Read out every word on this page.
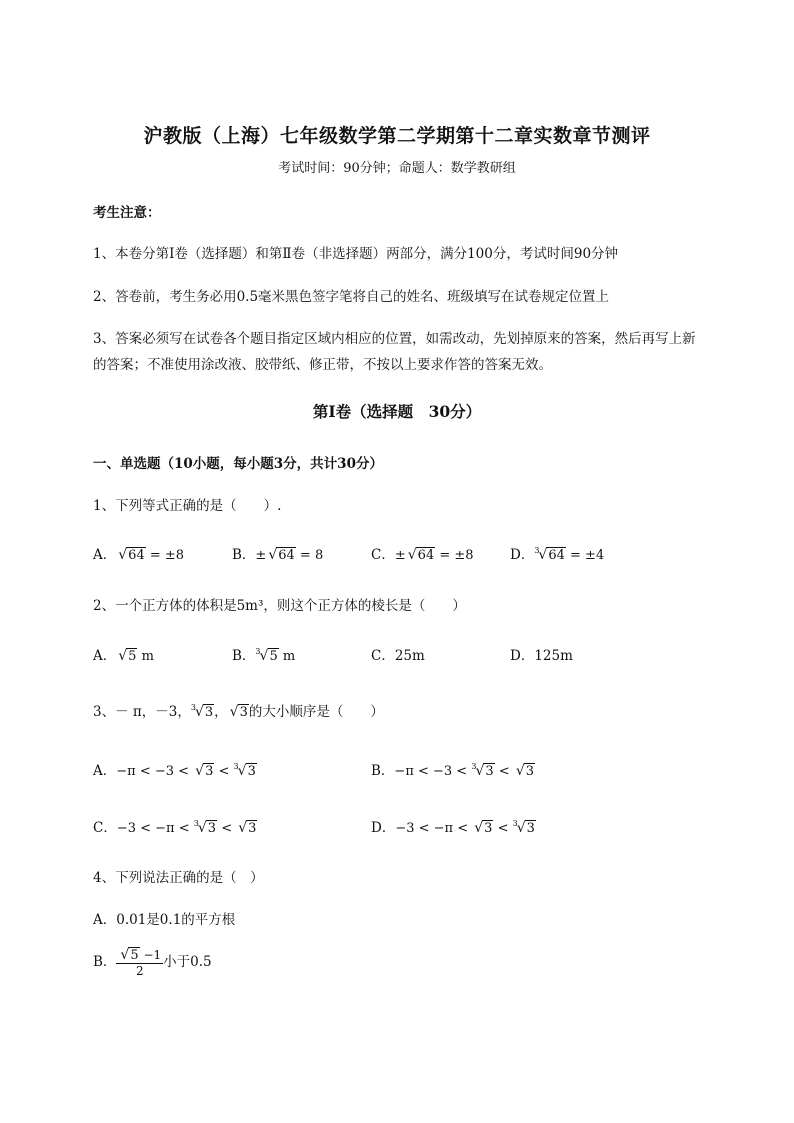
沪教版（上海）七年级数学第二学期第十二章实数章节测评
考试时间：90分钟；命题人：数学教研组
考生注意：
1、本卷分第I卷（选择题）和第Ⅱ卷（非选择题）两部分，满分100分，考试时间90分钟
2、答卷前，考生务必用0.5毫米黑色签字笔将自己的姓名、班级填写在试卷规定位置上
3、答案必须写在试卷各个题目指定区域内相应的位置，如需改动，先划掉原来的答案，然后再写上新
的答案；不准使用涂改液、胶带纸、修正带，不按以上要求作答的答案无效。
第I卷（选择题　30分）
一、单选题（10小题，每小题3分，共计30分）
1、下列等式正确的是（　　）.
A． √64 = ±8	B．± √64 = 8	C．± √64 = ±8	D．$^3$√64 = ±4
2、一个正方体的体积是5m³，则这个正方体的棱长是（　　）
A． √5 m	B．$^3$√5 m	C．25m	D．125m
3、－ π，－3，$^3$√3， √3的大小顺序是（　　）
A．−π < −3 < √3 < $^3$√3	B．−π < −3 < $^3$√3 < √3
C．−3 < −π < $^3$√3 < √3	D．−3 < −π < √3 < $^3$√3
4、下列说法正确的是（　）
A．0.01是0.1的平方根
B． $\frac{√5 -1}{2}$ 小于0.5
